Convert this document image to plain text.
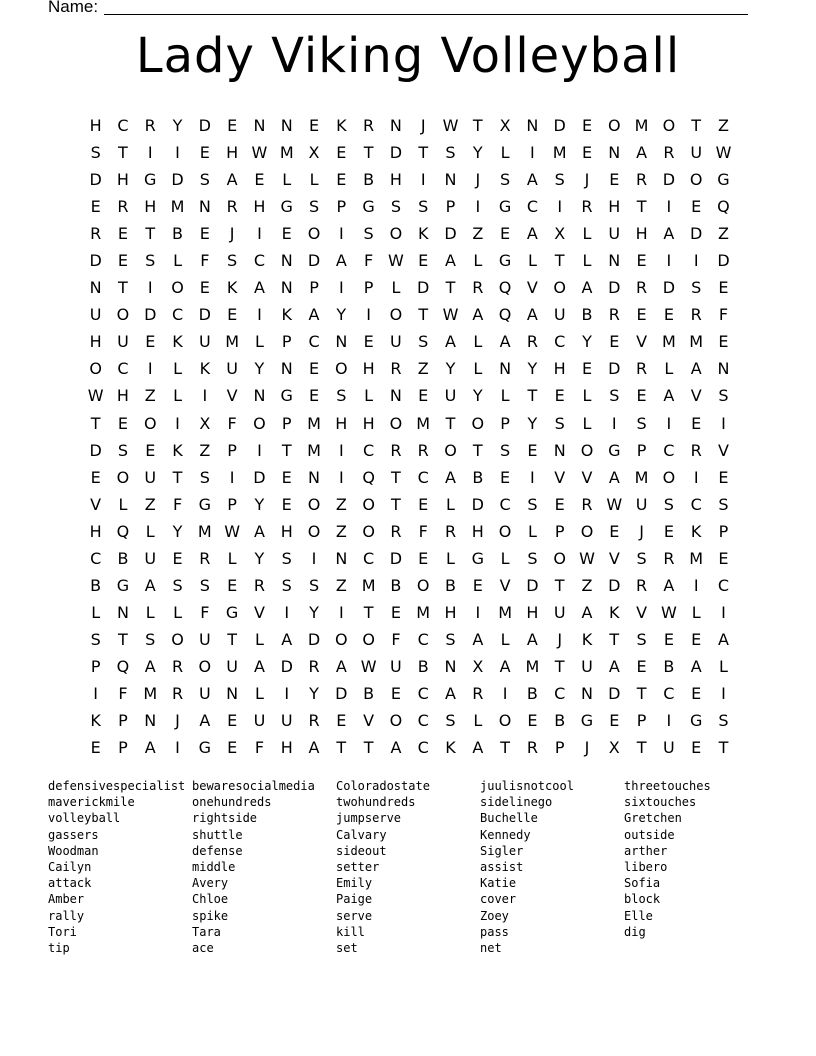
Name:
Lady Viking Volleyball
H C	R	Y	D	E	N N	E	K	R N	J	W T	X N D	E O M O	T	Z
S	T	I	I	E	H W M X	E	T	D	T	S	Y	L	I	M E	N A	R U W
D H G D	S	A	E	L	L	E	B H	I	N	J	S	A	S	J	E	R D O G
E	R H M N R H G	S	P	G	S	S	P	I	G C	I	R H	T	I	E Q
R	E	T	B	E	J	I	E O	I	S O K D Z	E	A	X	L	U H A D Z
D	E	S	L	F	S	C N D A	F W E	A	L	G	L	T	L	N	E	I	I	D
N	T	I	O E	K	A N	P	I	P	L	D	T	R Q V O A D R D	S	E
U O D C D	E	I	K	A	Y	I	O	T W A Q A U B	R	E	E	R	F
H U	E	K	U M L	P	C N	E	U	S	A	L	A	R	C	Y	E	V M M E
O C	I	L	K	U	Y	N	E O H R	Z	Y	L	N	Y	H	E	D R	L	A N
W H Z	L	I	V N G	E	S	L	N	E	U	Y	L	T	E	L	S	E	A	V	S
T	E O	I	X	F	O	P M H H O M T	O	P	Y	S	L	I	S	I	E	I
D	S	E	K	Z	P	I	T M	I	C	R	R O	T	S	E	N O G	P	C	R	V
E O U	T	S	I	D	E	N	I	Q	T	C	A	B	E	I	V	V	A M O	I	E
V	L	Z	F	G	P	Y	E O Z O	T	E	L	D C	S	E	R W U	S	C	S
H Q	L	Y M W A H O Z O R	F	R H O	L	P	O E	J	E	K	P
C	B U	E	R	L	Y	S	I	N C D	E	L	G	L	S O W V	S	R M E
B G A	S	S	E	R	S	S	Z M B O B	E	V D	T	Z D R	A	I	C
L	N	L	L	F	G V	I	Y	I	T	E M H	I	M H U A	K	V W L	I
S	T	S O U	T	L	A D O O	F	C	S	A	L	A	J	K	T	S	E	E	A
P	Q A	R O U A D R	A W U B N X	A M T	U A	E	B	A	L
I	F M R U N	L	I	Y	D B	E	C	A	R	I	B	C N D	T	C	E	I
K	P	N	J	A	E	U U R	E	V O C	S	L	O E	B G	E	P	I	G	S
E	P	A	I	G	E	F	H A	T	T	A	C	K	A	T	R	P	J	X	T	U	E	T
defensivespecialist
maverickmile
volleyball
gassers
Woodman
Cailyn
attack
Amber
rally
Tori
tip
bewaresocialmedia
onehundreds
rightside
shuttle
defense
middle
Avery
Chloe
spike
Tara
ace
Coloradostate
twohundreds
jumpserve
Calvary
sideout
setter
Emily
Paige
serve
kill
set
juulisnotcool
sidelinego
Buchelle
Kennedy
Sigler
assist
Katie
cover
Zoey
pass
net
threetouches
sixtouches
Gretchen
outside
arther
libero
Sofia
block
Elle
dig
